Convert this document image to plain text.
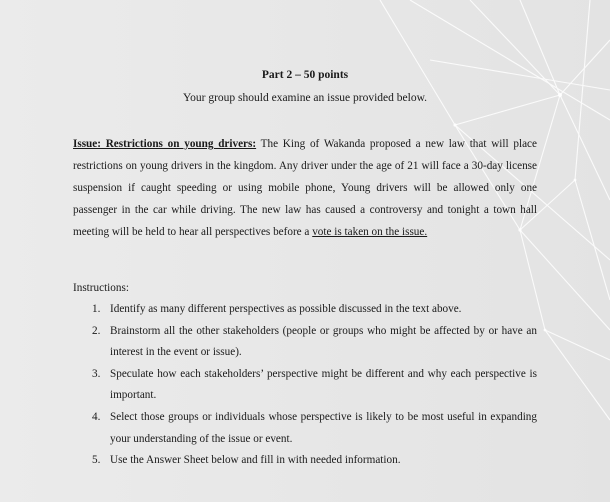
Part 2 – 50 points
Your group should examine an issue provided below.

Issue: Restrictions on young drivers: The King of Wakanda proposed a new law that will place restrictions on young drivers in the kingdom. Any driver under the age of 21 will face a 30-day license suspension if caught speeding or using mobile phone, Young drivers will be allowed only one passenger in the car while driving. The new law has caused a controversy and tonight a town hall meeting will be held to hear all perspectives before a vote is taken on the issue.

Instructions:
1. Identify as many different perspectives as possible discussed in the text above.
2. Brainstorm all the other stakeholders (people or groups who might be affected by or have an interest in the event or issue).
3. Speculate how each stakeholders’ perspective might be different and why each perspective is important.
4. Select those groups or individuals whose perspective is likely to be most useful in expanding your understanding of the issue or event.
5. Use the Answer Sheet below and fill in with needed information.
